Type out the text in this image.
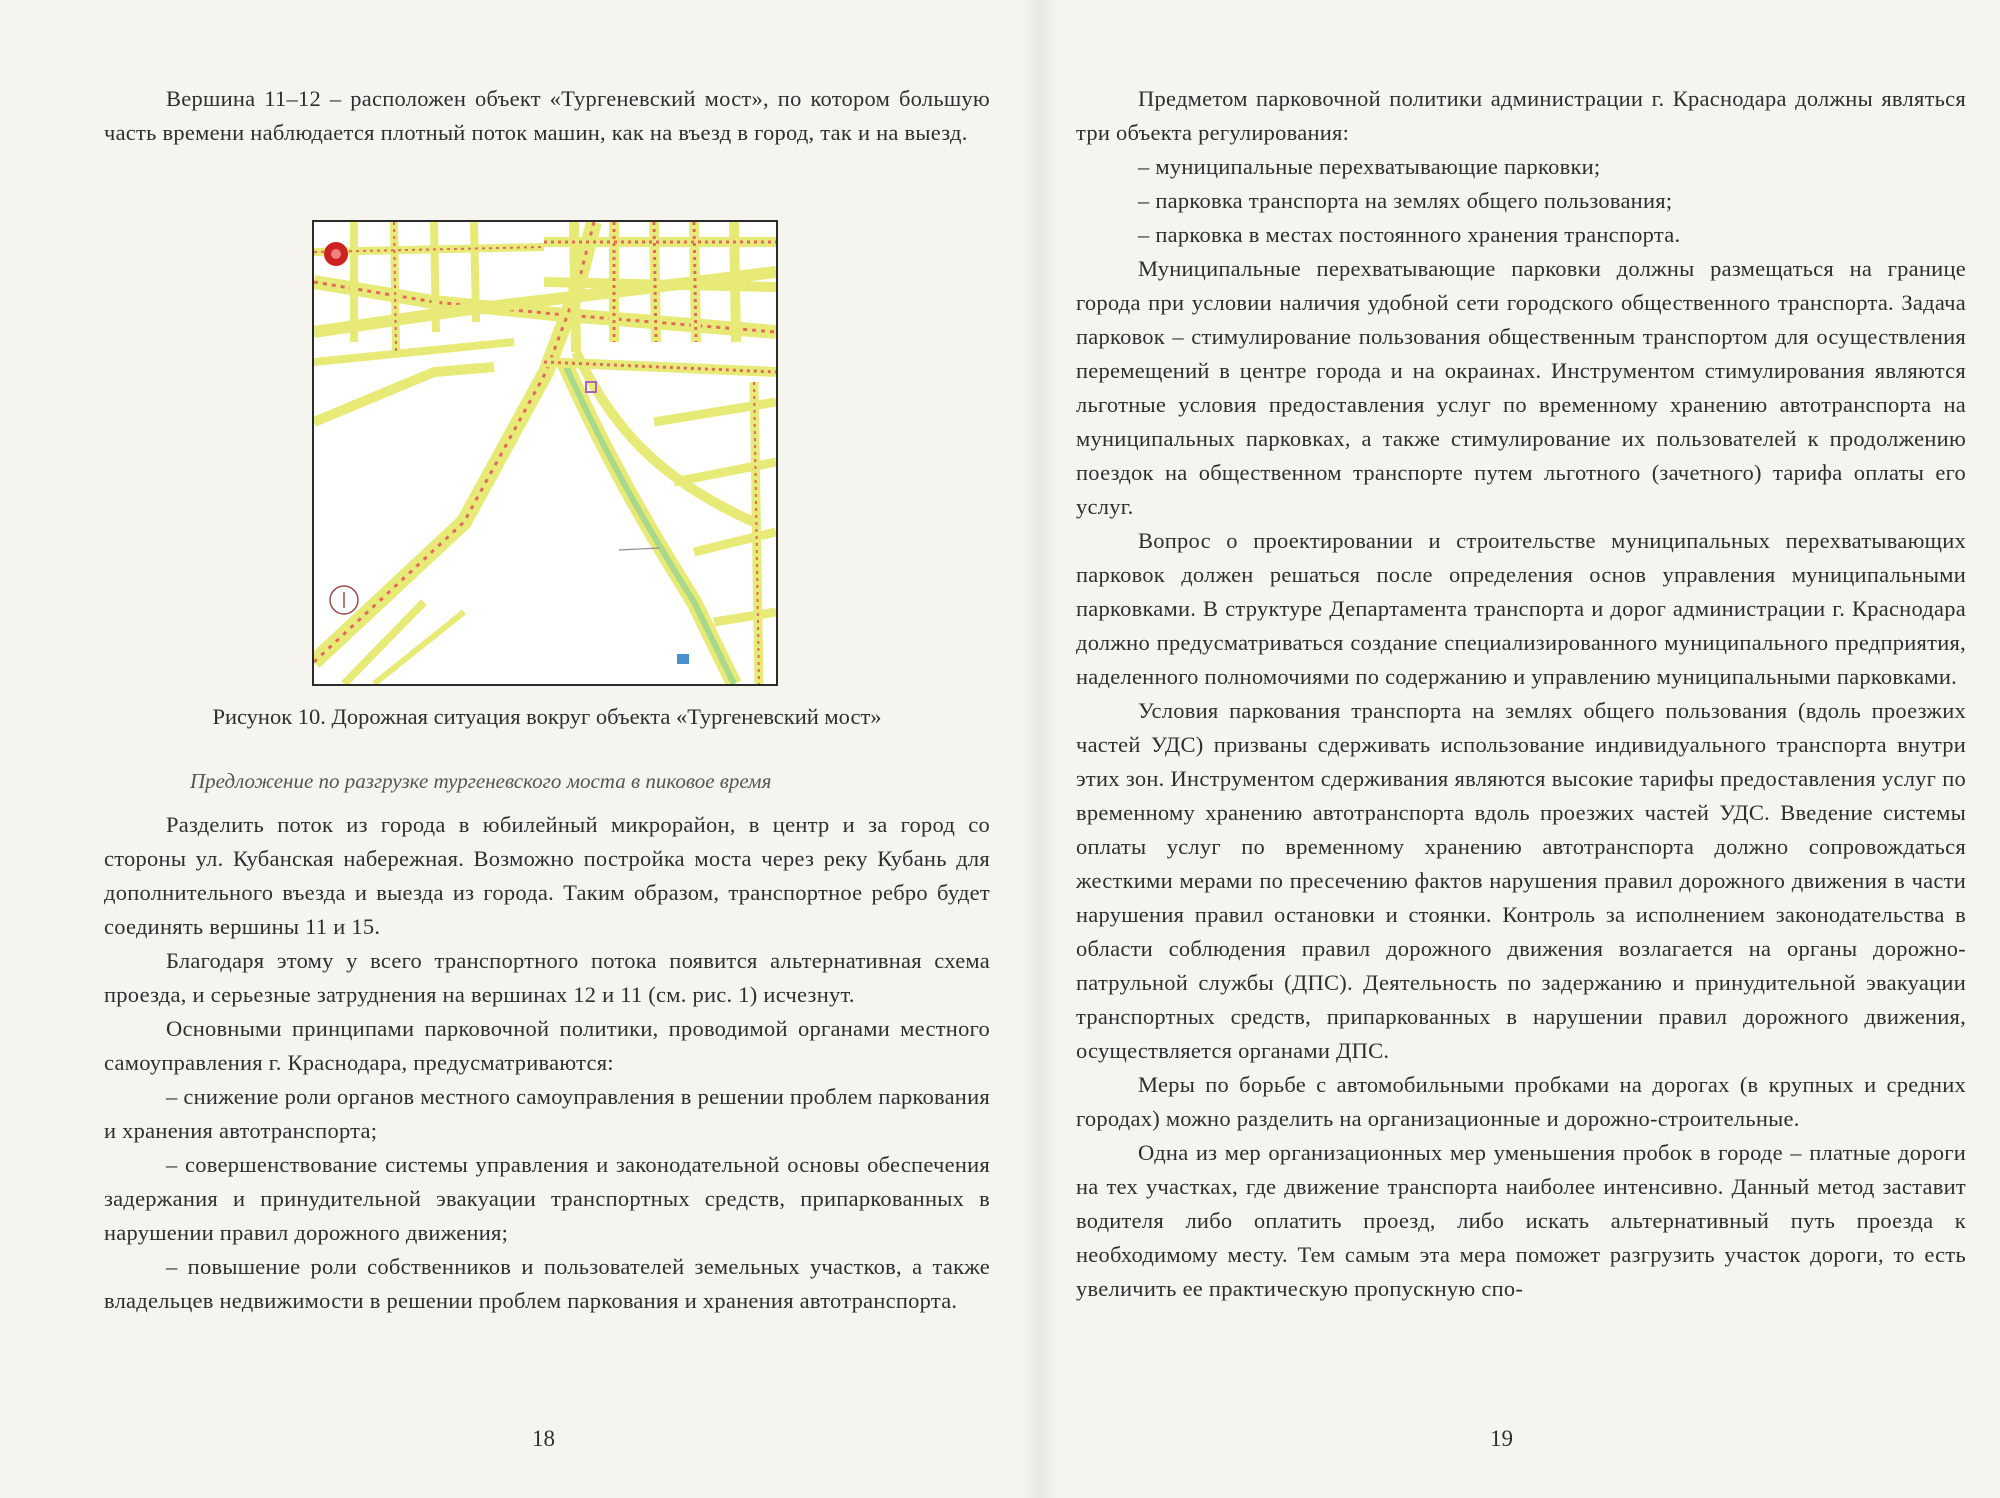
Вершина 11–12 – расположен объект «Тургеневский мост», по котором большую часть времени наблюдается плотный поток машин, как на въезд в город, так и на выезд.

Рисунок 10. Дорожная ситуация вокруг объекта «Тургеневский мост»
Предложение по разгрузке тургеневского моста в пиковое время

Разделить поток из города в юбилейный микрорайон, в центр и за город со стороны ул. Кубанская набережная. Возможно постройка моста через реку Кубань для дополнительного въезда и выезда из города. Таким образом, транспортное ребро будет соединять вершины 11 и 15.

Благодаря этому у всего транспортного потока появится альтернативная схема проезда, и серьезные затруднения на вершинах 12 и 11 (см. рис. 1) исчезнут.

Основными принципами парковочной политики, проводимой органами местного самоуправления г. Краснодара, предусматриваются:

– снижение роли органов местного самоуправления в решении проблем паркования и хранения автотранспорта;

– совершенствование системы управления и законодательной основы обеспечения задержания и принудительной эвакуации транспортных средств, припаркованных в нарушении правил дорожного движения;

– повышение роли собственников и пользователей земельных участков, а также владельцев недвижимости в решении проблем паркования и хранения автотранспорта.

18

Предметом парковочной политики администрации г. Краснодара должны являться три объекта регулирования:

– муниципальные перехватывающие парковки;

– парковка транспорта на землях общего пользования;

– парковка в местах постоянного хранения транспорта.

Муниципальные перехватывающие парковки должны размещаться на границе города при условии наличия удобной сети городского общественного транспорта. Задача парковок – стимулирование пользования общественным транспортом для осуществления перемещений в центре города и на окраинах. Инструментом стимулирования являются льготные условия предоставления услуг по временному хранению автотранспорта на муниципальных парковках, а также стимулирование их пользователей к продолжению поездок на общественном транспорте путем льготного (зачетного) тарифа оплаты его услуг.

Вопрос о проектировании и строительстве муниципальных перехватывающих парковок должен решаться после определения основ управления муниципальными парковками. В структуре Департамента транспорта и дорог администрации г. Краснодара должно предусматриваться создание специализированного муниципального предприятия, наделенного полномочиями по содержанию и управлению муниципальными парковками.

Условия паркования транспорта на землях общего пользования (вдоль проезжих частей УДС) призваны сдерживать использование индивидуального транспорта внутри этих зон. Инструментом сдерживания являются высокие тарифы предоставления услуг по временному хранению автотранспорта вдоль проезжих частей УДС. Введение системы оплаты услуг по временному хранению автотранспорта должно сопровождаться жесткими мерами по пресечению фактов нарушения правил дорожного движения в части нарушения правил остановки и стоянки. Контроль за исполнением законодательства в области соблюдения правил дорожного движения возлагается на органы дорожно-патрульной службы (ДПС). Деятельность по задержанию и принудительной эвакуации транспортных средств, припаркованных в нарушении правил дорожного движения, осуществляется органами ДПС.

Меры по борьбе с автомобильными пробками на дорогах (в крупных и средних городах) можно разделить на организационные и дорожно-строительные.

Одна из мер организационных мер уменьшения пробок в городе – платные дороги на тех участках, где движение транспорта наиболее интенсивно. Данный метод заставит водителя либо оплатить проезд, либо искать альтернативный путь проезда к необходимому месту. Тем самым эта мера поможет разгрузить участок дороги, то есть увеличить ее практическую пропускную спо-

19
